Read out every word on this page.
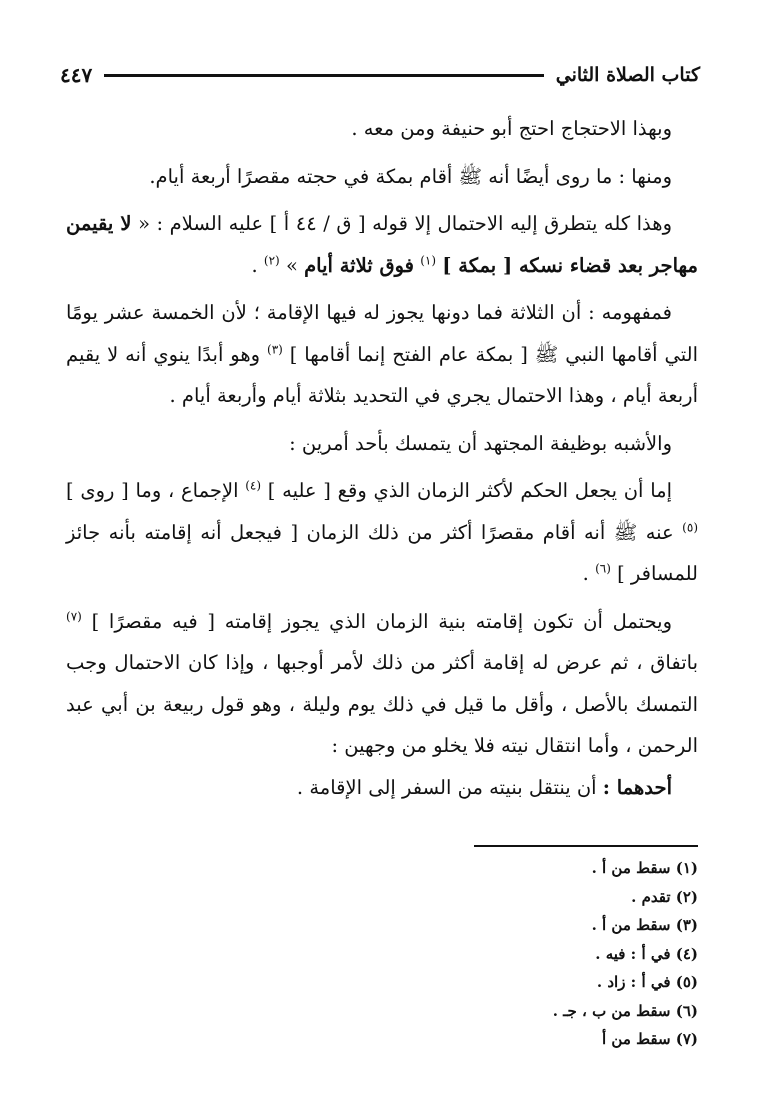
كتاب الصلاة الثاني
٤٤٧

وبهذا الاحتجاج احتج أبو حنيفة ومن معه .

ومنها : ما روى أيضًا أنه ﷺ أقام بمكة في حجته مقصرًا أربعة أيام.

وهذا كله يتطرق إليه الاحتمال إلا قوله [ ق / ٤٤ أ ] عليه السلام : « لا يقيمن مهاجر بعد قضاء نسكه [ بمكة ] $^{(١)}$ فوق ثلاثة أيام » $^{(٢)}$ .

فمفهومه : أن الثلاثة فما دونها يجوز له فيها الإقامة ؛ لأن الخمسة عشر يومًا التي أقامها النبي ﷺ [ بمكة عام الفتح إنما أقامها ] $^{(٣)}$ وهو أبدًا ينوي أنه لا يقيم أربعة أيام ، وهذا الاحتمال يجري في التحديد بثلاثة أيام وأربعة أيام .

والأشبه بوظيفة المجتهد أن يتمسك بأحد أمرين :

إما أن يجعل الحكم لأكثر الزمان الذي وقع [ عليه ] $^{(٤)}$ الإجماع ، وما [ روى ] $^{(٥)}$ عنه ﷺ أنه أقام مقصرًا أكثر من ذلك الزمان [ فيجعل أنه إقامته بأنه جائز للمسافر ] $^{(٦)}$ .

ويحتمل أن تكون إقامته بنية الزمان الذي يجوز إقامته [ فيه مقصرًا ] $^{(٧)}$ باتفاق ، ثم عرض له إقامة أكثر من ذلك لأمر أوجبها ، وإذا كان الاحتمال وجب التمسك بالأصل ، وأقل ما قيل في ذلك يوم وليلة ، وهو قول ربيعة بن أبي عبد الرحمن ، وأما انتقال نيته فلا يخلو من وجهين :

أحدهما : أن ينتقل بنيته من السفر إلى الإقامة .

(١) سقط من أ .

(٢) تقدم .

(٣) سقط من أ .

(٤) في أ : فيه .

(٥) في أ : زاد .

(٦) سقط من ب ، جـ .

(٧) سقط من أ
